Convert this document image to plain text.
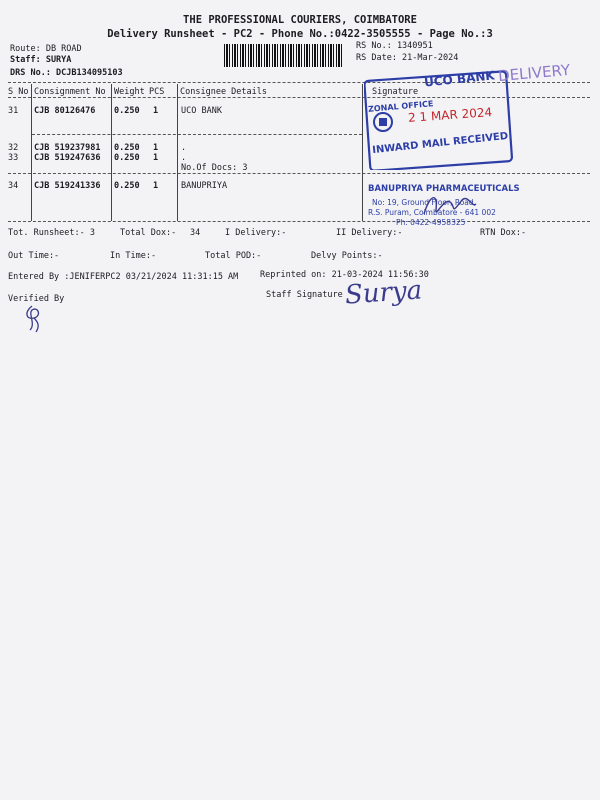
THE PROFESSIONAL COURIERS, COIMBATORE
Delivery Runsheet - PC2 - Phone No.:0422-3505555 - Page No.:3
Route: DB ROAD
Staff: SURYA
DRS No.: DCJB134095103
RS No.: 1340951
RS Date: 21-Mar-2024
S No Consignment No Weight PCS Consignee Details	Signature
31 CJB 80126476 0.250 1	UCO BANK
32 CJB 519237981 0.250 1	.
33 CJB 519247636 0.250 1	.
No.Of Docs: 3
34 CJB 519241336 0.250 1	BANUPRIYA
Tot. Runsheet:- 3	Total Dox:- 34	I Delivery:-	II Delivery:-	RTN Dox:-
Out Time:-	In Time:-	Total POD:-	Delvy Points:-
Entered By :JENIFERPC2 03/21/2024 11:31:15 AM	Reprinted on: 21-03-2024 11:56:30
Verified By	Staff Signature Surya
UCO BANK
ZONAL OFFICE
2 1 MAR 2024
INWARD MAIL RECEIVED
DELIVERY
BANUPRIYA PHARMACEUTICALS
No: 19, Ground Floor, Road,
R.S. Puram, Coimbatore - 641 002
Ph: 0422-4958325
